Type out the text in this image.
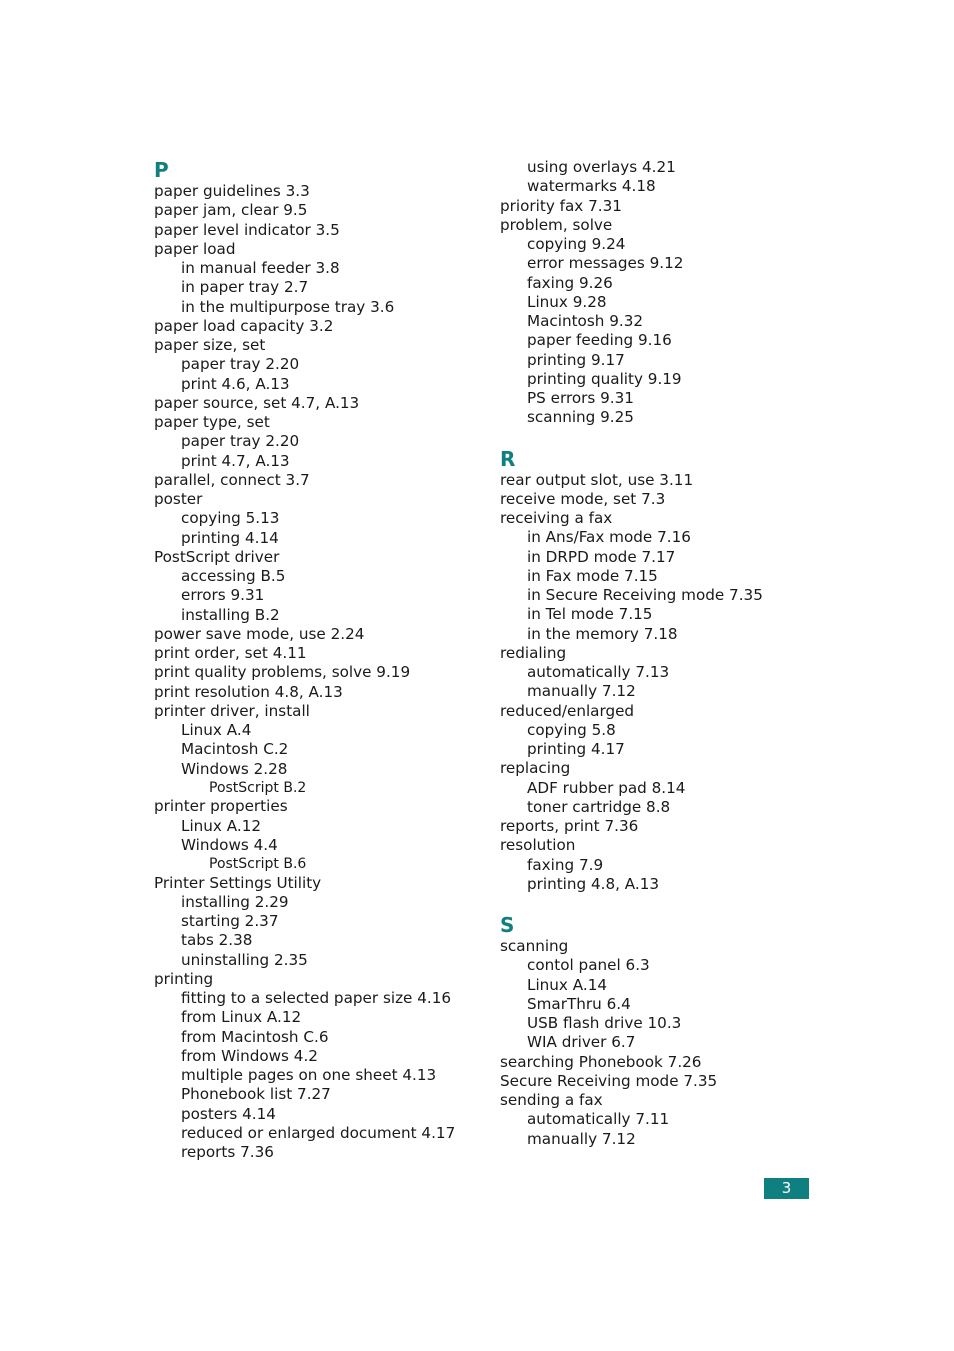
P
paper guidelines 3.3
paper jam, clear 9.5
paper level indicator 3.5
paper load
in manual feeder 3.8
in paper tray 2.7
in the multipurpose tray 3.6
paper load capacity 3.2
paper size, set
paper tray 2.20
print 4.6, A.13
paper source, set 4.7, A.13
paper type, set
paper tray 2.20
print 4.7, A.13
parallel, connect 3.7
poster
copying 5.13
printing 4.14
PostScript driver
accessing B.5
errors 9.31
installing B.2
power save mode, use 2.24
print order, set 4.11
print quality problems, solve 9.19
print resolution 4.8, A.13
printer driver, install
Linux A.4
Macintosh C.2
Windows 2.28
PostScript B.2
printer properties
Linux A.12
Windows 4.4
PostScript B.6
Printer Settings Utility
installing 2.29
starting 2.37
tabs 2.38
uninstalling 2.35
printing
fitting to a selected paper size 4.16
from Linux A.12
from Macintosh C.6
from Windows 4.2
multiple pages on one sheet 4.13
Phonebook list 7.27
posters 4.14
reduced or enlarged document 4.17
reports 7.36
using overlays 4.21
watermarks 4.18
priority fax 7.31
problem, solve
copying 9.24
error messages 9.12
faxing 9.26
Linux 9.28
Macintosh 9.32
paper feeding 9.16
printing 9.17
printing quality 9.19
PS errors 9.31
scanning 9.25
R
rear output slot, use 3.11
receive mode, set 7.3
receiving a fax
in Ans/Fax mode 7.16
in DRPD mode 7.17
in Fax mode 7.15
in Secure Receiving mode 7.35
in Tel mode 7.15
in the memory 7.18
redialing
automatically 7.13
manually 7.12
reduced/enlarged
copying 5.8
printing 4.17
replacing
ADF rubber pad 8.14
toner cartridge 8.8
reports, print 7.36
resolution
faxing 7.9
printing 4.8, A.13
S
scanning
contol panel 6.3
Linux A.14
SmarThru 6.4
USB flash drive 10.3
WIA driver 6.7
searching Phonebook 7.26
Secure Receiving mode 7.35
sending a fax
automatically 7.11
manually 7.12
3
